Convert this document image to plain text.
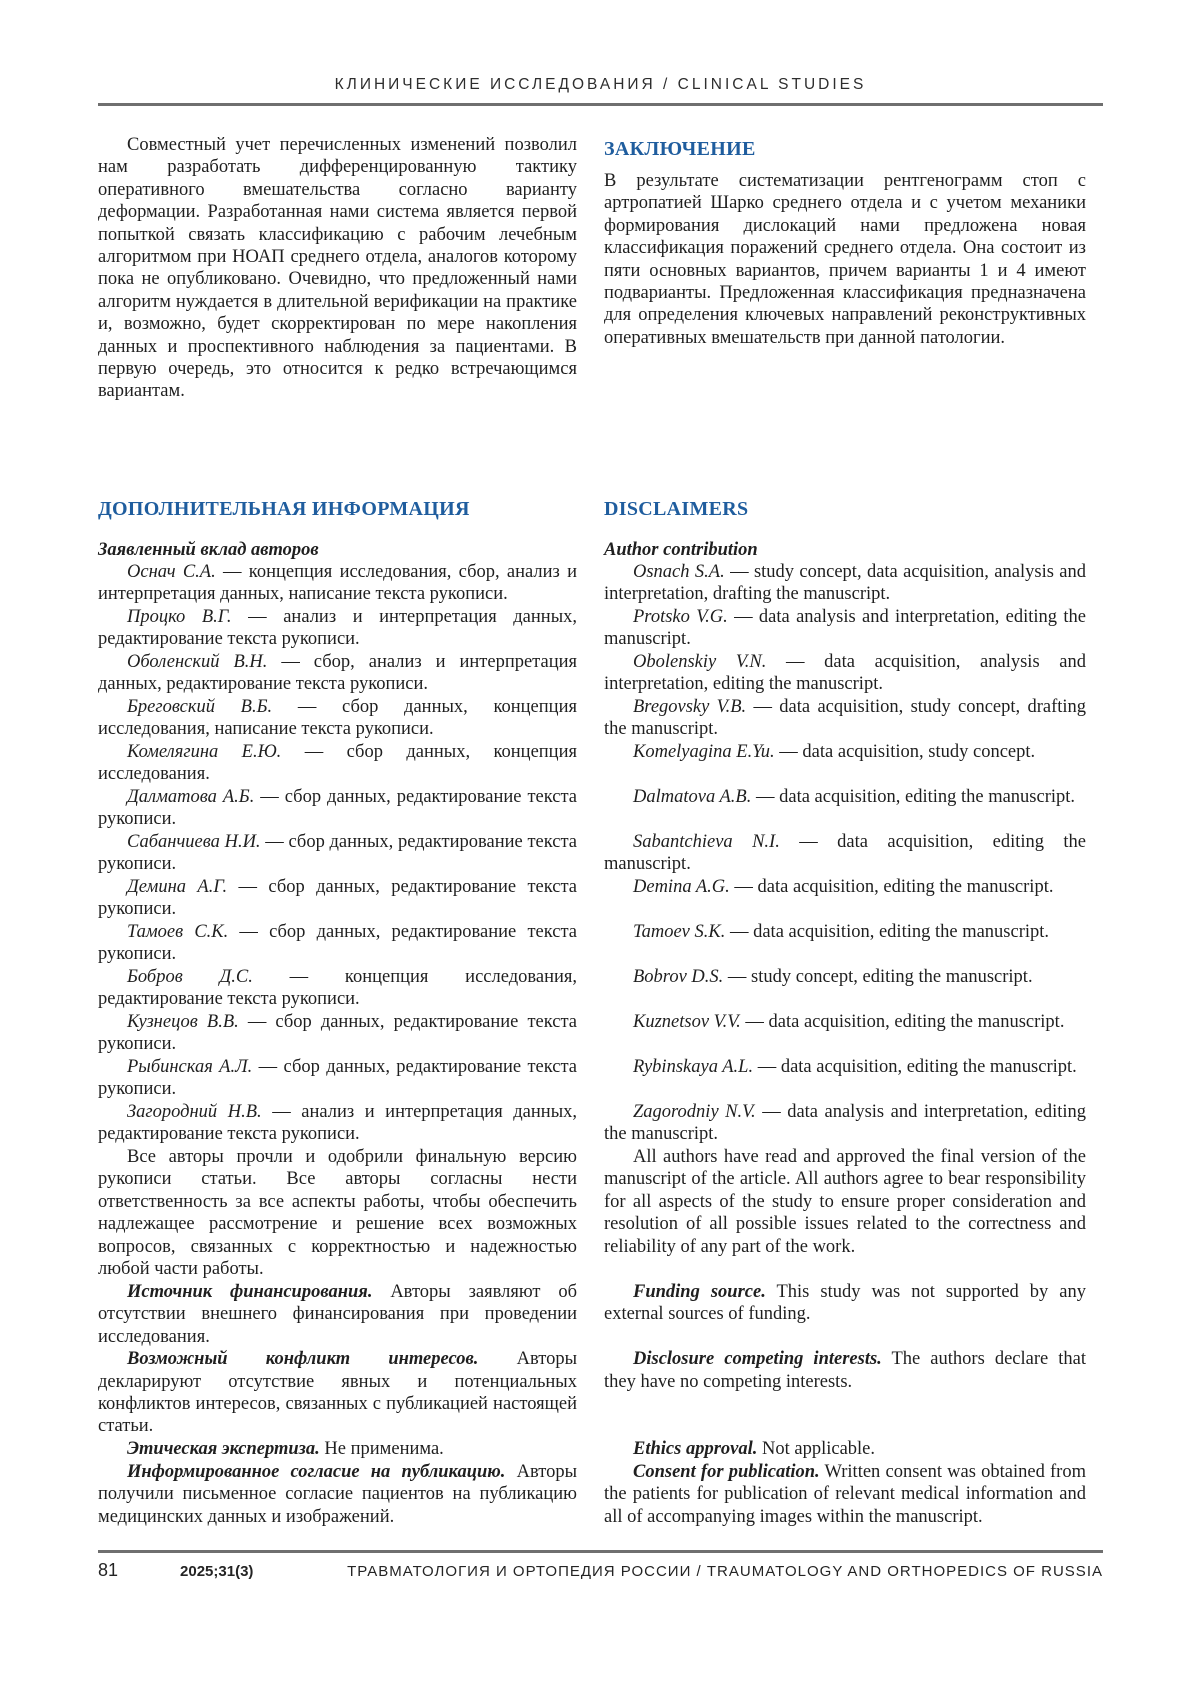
КЛИНИЧЕСКИЕ ИССЛЕДОВАНИЯ / CLINICAL STUDIES

Совместный учет перечисленных изменений позволил нам разработать дифференцированную тактику оперативного вмешательства согласно варианту деформации. Разработанная нами система является первой попыткой связать классификацию с рабочим лечебным алгоритмом при НОАП среднего отдела, аналогов которому пока не опубликовано. Очевидно, что предложенный нами алгоритм нуждается в длительной верификации на практике и, возможно, будет скорректирован по мере накопления данных и проспективного наблюдения за пациентами. В первую очередь, это относится к редко встречающимся вариантам.

ЗАКЛЮЧЕНИЕ

В результате систематизации рентгенограмм стоп с артропатией Шарко среднего отдела и с учетом механики формирования дислокаций нами предложена новая классификация поражений среднего отдела. Она состоит из пяти основных вариантов, причем варианты 1 и 4 имеют подварианты. Предложенная классификация предназначена для определения ключевых направлений реконструктивных оперативных вмешательств при данной патологии.

ДОПОЛНИТЕЛЬНАЯ ИНФОРМАЦИЯ	DISCLAIMERS

Заявленный вклад авторов	Author contribution

Оснач С.А. — концепция исследования, сбор, анализ и интерпретация данных, написание текста рукописи.

Osnach S.A. — study concept, data acquisition, analysis and interpretation, drafting the manuscript.

Процко В.Г. — анализ и интерпретация данных, редактирование текста рукописи.

Protsko V.G. — data analysis and interpretation, editing the manuscript.

Оболенский В.Н. — сбор, анализ и интерпретация данных, редактирование текста рукописи.

Obolenskiy V.N. — data acquisition, analysis and interpretation, editing the manuscript.

Бреговский В.Б. — сбор данных, концепция исследования, написание текста рукописи.

Bregovsky V.B. — data acquisition, study concept, drafting the manuscript.

Комелягина Е.Ю. — сбор данных, концепция исследования.

Komelyagina E.Yu. — data acquisition, study concept.

Далматова А.Б. — сбор данных, редактирование текста рукописи.

Dalmatova A.B. — data acquisition, editing the manuscript.

Сабанчиева Н.И. — сбор данных, редактирование текста рукописи.

Sabantchieva N.I. — data acquisition, editing the manuscript.

Демина А.Г. — сбор данных, редактирование текста рукописи.

Demina A.G. — data acquisition, editing the manuscript.

Тамоев С.К. — сбор данных, редактирование текста рукописи.

Tamoev S.K. — data acquisition, editing the manuscript.

Бобров Д.С. — концепция исследования, редактирование текста рукописи.

Bobrov D.S. — study concept, editing the manuscript.

Кузнецов В.В. — сбор данных, редактирование текста рукописи.

Kuznetsov V.V. — data acquisition, editing the manuscript.

Рыбинская А.Л. — сбор данных, редактирование текста рукописи.

Rybinskaya A.L. — data acquisition, editing the manuscript.

Загородний Н.В. — анализ и интерпретация данных, редактирование текста рукописи.

Zagorodniy N.V. — data analysis and interpretation, editing the manuscript.

Все авторы прочли и одобрили финальную версию рукописи статьи. Все авторы согласны нести ответственность за все аспекты работы, чтобы обеспечить надлежащее рассмотрение и решение всех возможных вопросов, связанных с корректностью и надежностью любой части работы.

All authors have read and approved the final version of the manuscript of the article. All authors agree to bear responsibility for all aspects of the study to ensure proper consideration and resolution of all possible issues related to the correctness and reliability of any part of the work.

Источник финансирования. Авторы заявляют об отсутствии внешнего финансирования при проведении исследования.

Funding source. This study was not supported by any external sources of funding.

Возможный конфликт интересов. Авторы декларируют отсутствие явных и потенциальных конфликтов интересов, связанных с публикацией настоящей статьи.

Disclosure competing interests. The authors declare that they have no competing interests.

Этическая экспертиза. Не применима.	Ethics approval. Not applicable.

Информированное согласие на публикацию. Авторы получили письменное согласие пациентов на публикацию медицинских данных и изображений.

Consent for publication. Written consent was obtained from the patients for publication of relevant medical information and all of accompanying images within the manuscript.

81	2025;31(3)	ТРАВМАТОЛОГИЯ И ОРТОПЕДИЯ РОССИИ / TRAUMATOLOGY AND ORTHOPEDICS OF RUSSIA
